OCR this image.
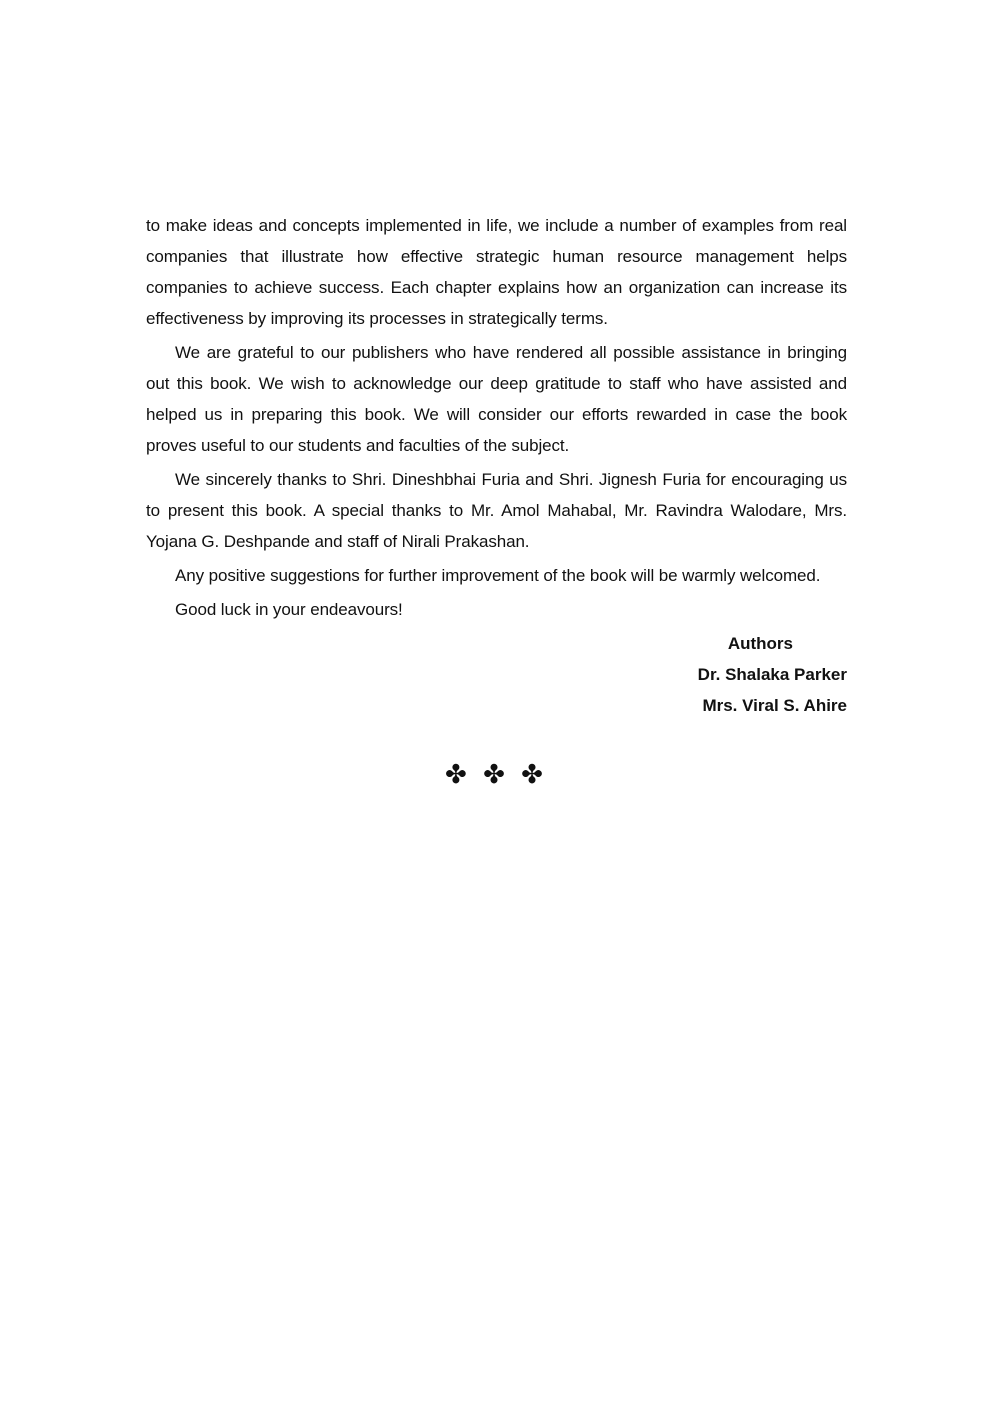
to make ideas and concepts implemented in life, we include a number of examples from real companies that illustrate how effective strategic human resource management helps companies to achieve success. Each chapter explains how an organization can increase its effectiveness by improving its processes in strategically terms.

We are grateful to our publishers who have rendered all possible assistance in bringing out this book. We wish to acknowledge our deep gratitude to staff who have assisted and helped us in preparing this book. We will consider our efforts rewarded in case the book proves useful to our students and faculties of the subject.

We sincerely thanks to Shri. Dineshbhai Furia and Shri. Jignesh Furia for encouraging us to present this book. A special thanks to Mr. Amol Mahabal, Mr. Ravindra Walodare, Mrs. Yojana G. Deshpande and staff of Nirali Prakashan.

Any positive suggestions for further improvement of the book will be warmly welcomed.

Good luck in your endeavours!

Authors
Dr. Shalaka Parker
Mrs. Viral S. Ahire
✤ ✤ ✤
